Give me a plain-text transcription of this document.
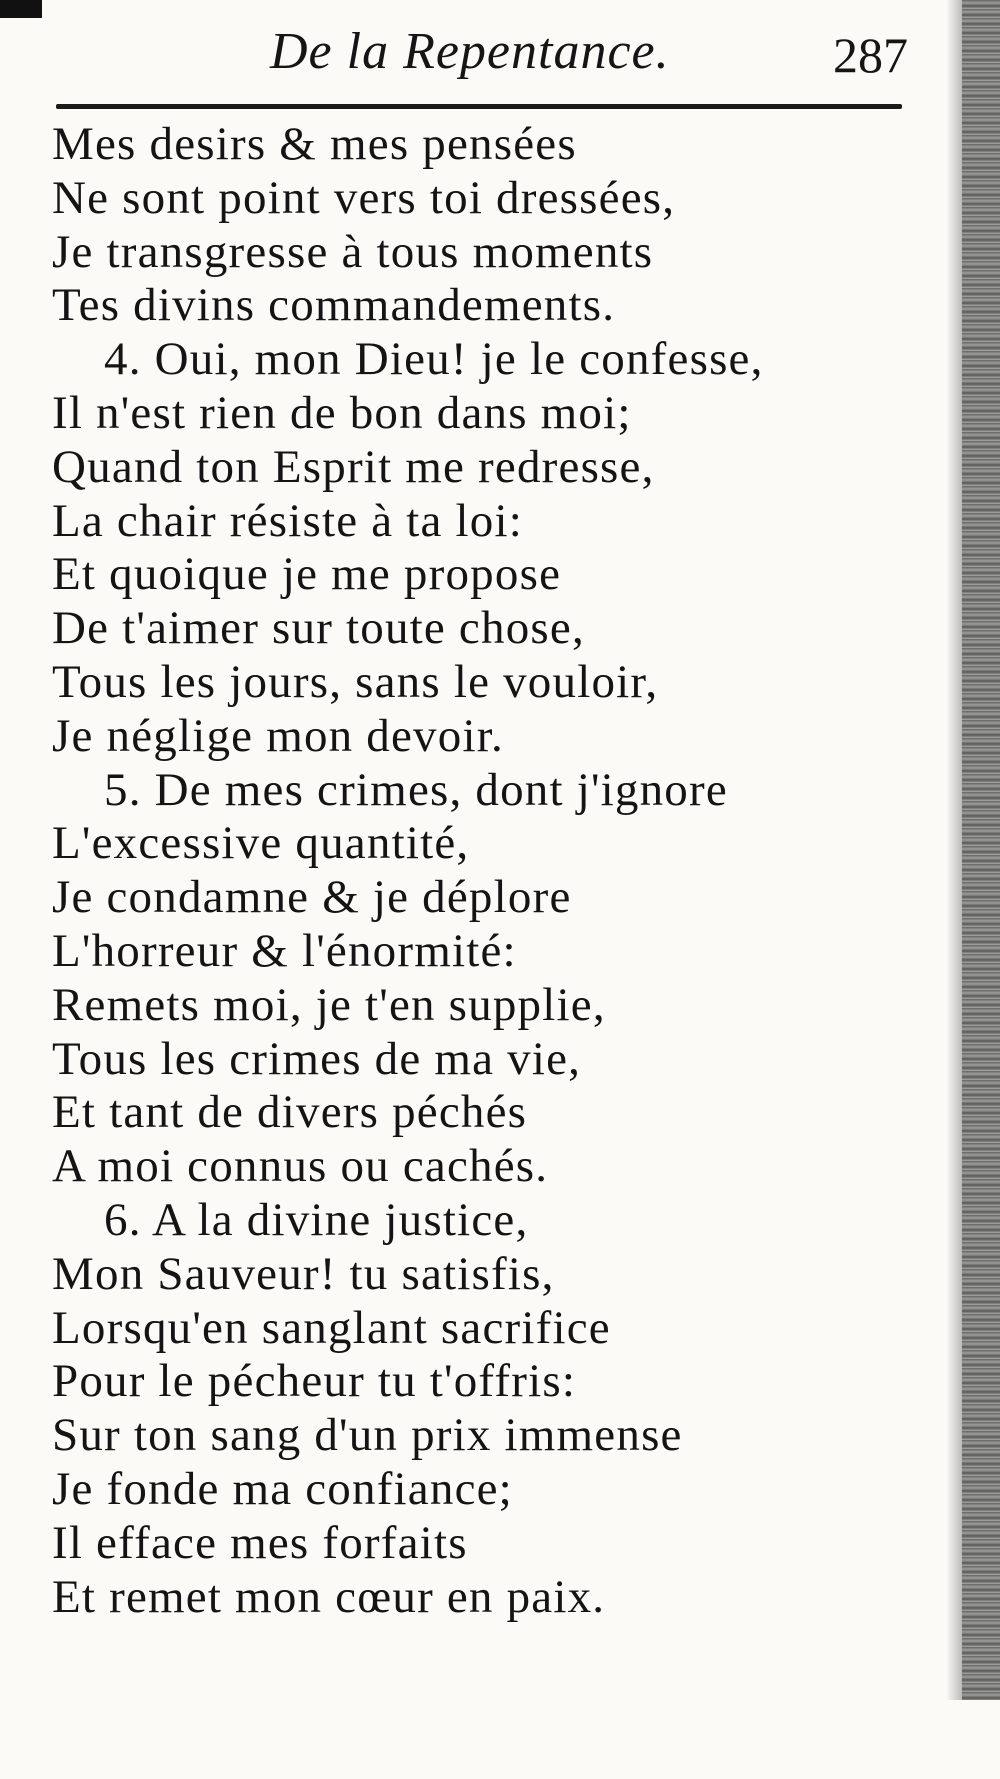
De la Repentance.	287
Mes desirs & mes pensées
Ne sont point vers toi dressées,
Je transgresse à tous moments
Tes divins commandements.
4. Oui, mon Dieu! je le confesse,
Il n'est rien de bon dans moi;
Quand ton Esprit me redresse,
La chair résiste à ta loi:
Et quoique je me propose
De t'aimer sur toute chose,
Tous les jours, sans le vouloir,
Je néglige mon devoir.
5. De mes crimes, dont j'ignore
L'excessive quantité,
Je condamne & je déplore
L'horreur & l'énormité:
Remets moi, je t'en supplie,
Tous les crimes de ma vie,
Et tant de divers péchés
A moi connus ou cachés.
6. A la divine justice,
Mon Sauveur! tu satisfis,
Lorsqu'en sanglant sacrifice
Pour le pécheur tu t'offris:
Sur ton sang d'un prix immense
Je fonde ma confiance;
Il efface mes forfaits
Et remet mon cœur en paix.
